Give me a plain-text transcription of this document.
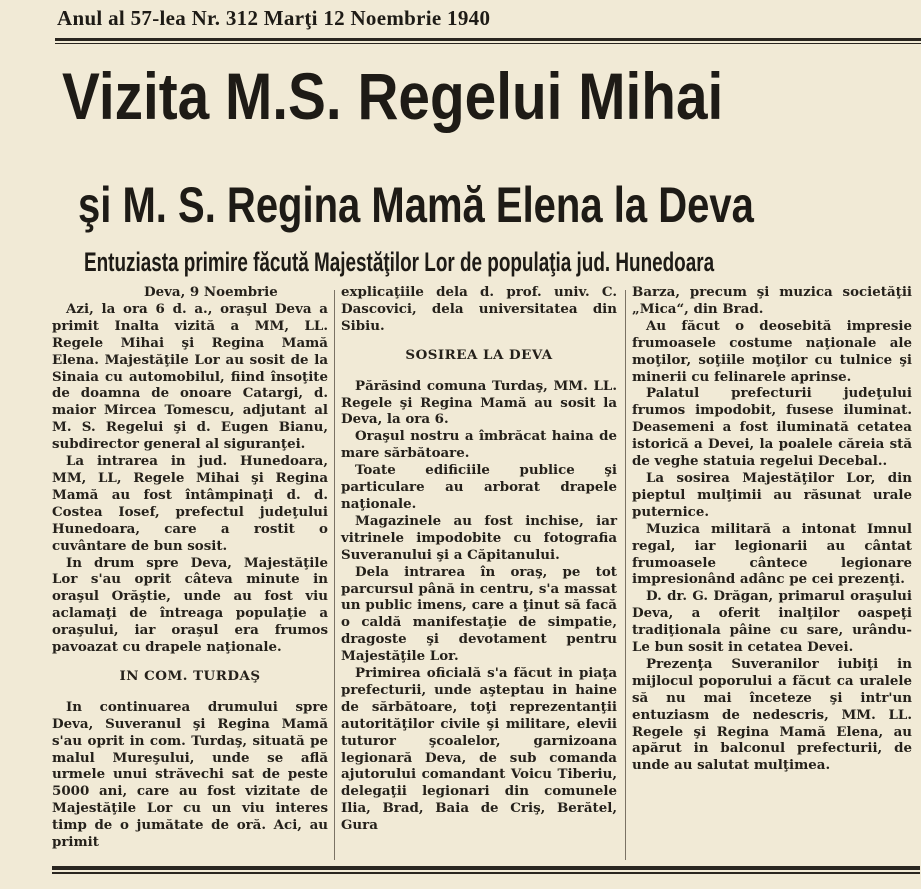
Anul al 57-lea Nr. 312 Marţi 12 Noembrie 1940
Vizita M.S. Regelui Mihai
şi M. S. Regina Mamă Elena la Deva
Entuziasta primire făcută Majestăţilor Lor de populaţia jud. Hunedoara

Deva, 9 Noembrie

Azi, la ora 6 d. a., oraşul Deva a primit Inalta vizită a MM, LL. Regele Mihai şi Regina Mamă Elena. Majestăţile Lor au sosit de la Sinaia cu automobilul, fiind însoţite de doamna de onoare Catargi, d. maior Mircea Tomescu, adjutant al M. S. Regelui şi d. Eugen Bianu, subdirector general al siguranţei.

La intrarea in jud. Hunedoara, MM, LL, Regele Mihai şi Regina Mamă au fost întâmpinaţi d. d. Costea Iosef, prefectul judeţului Hunedoara, care a rostit o cuvântare de bun sosit.

In drum spre Deva, Majestăţile Lor s'au oprit câteva minute in oraşul Orăştie, unde au fost viu aclamaţi de întreaga populaţie a oraşului, iar oraşul era frumos pavoazat cu drapele naţionale.

IN COM. TURDAŞ

In continuarea drumului spre Deva, Suveranul şi Regina Mamă s'au oprit in com. Turdaş, situată pe malul Mureşului, unde se află urmele unui străvechi sat de peste 5000 ani, care au fost vizitate de Majestăţile Lor cu un viu interes timp de o jumătate de oră. Aci, au primit

explicaţiile dela d. prof. univ. C. Dascovici, dela universitatea din Sibiu.

SOSIREA LA DEVA

Părăsind comuna Turdaş, MM. LL. Regele şi Regina Mamă au sosit la Deva, la ora 6.

Oraşul nostru a îmbrăcat haina de mare sărbătoare.

Toate edificiile publice şi particulare au arborat drapele naţionale.

Magazinele au fost inchise, iar vitrinele impodobite cu fotografia Suveranului şi a Căpitanului.

Dela intrarea în oraş, pe tot parcursul până in centru, s'a massat un public imens, care a ţinut să facă o caldă manifestaţie de simpatie, dragoste şi devotament pentru Majestăţile Lor.

Primirea oficială s'a făcut in piaţa prefecturii, unde aşteptau in haine de sărbătoare, toţi reprezentanţii autorităţilor civile şi militare, elevii tuturor şcoalelor, garnizoana legionară Deva, de sub comanda ajutorului comandant Voicu Tiberiu, delegaţii legionari din comunele Ilia, Brad, Baia de Criş, Berătel, Gura

Barza, precum şi muzica societăţii „Mica“, din Brad.

Au făcut o deosebită impresie frumoasele costume naţionale ale moţilor, soţiile moţilor cu tulnice şi minerii cu felinarele aprinse.

Palatul prefecturii judeţului frumos impodobit, fusese iluminat. Deasemeni a fost iluminată cetatea istorică a Devei, la poalele căreia stă de veghe statuia regelui Decebal..

La sosirea Majestăţilor Lor, din pieptul mulţimii au răsunat urale puternice.

Muzica militară a intonat Imnul regal, iar legionarii au cântat frumoasele cântece legionare impresionând adânc pe cei prezenţi.

D. dr. G. Drăgan, primarul oraşului Deva, a oferit inalţilor oaspeţi tradiţionala pâine cu sare, urându-Le bun sosit in cetatea Devei.

Prezenţa Suveranilor iubiţi in mijlocul poporului a făcut ca uralele să nu mai înceteze şi intr'un entuziasm de nedescris, MM. LL. Regele şi Regina Mamă Elena, au apărut in balconul prefecturii, de unde au salutat mulţimea.
